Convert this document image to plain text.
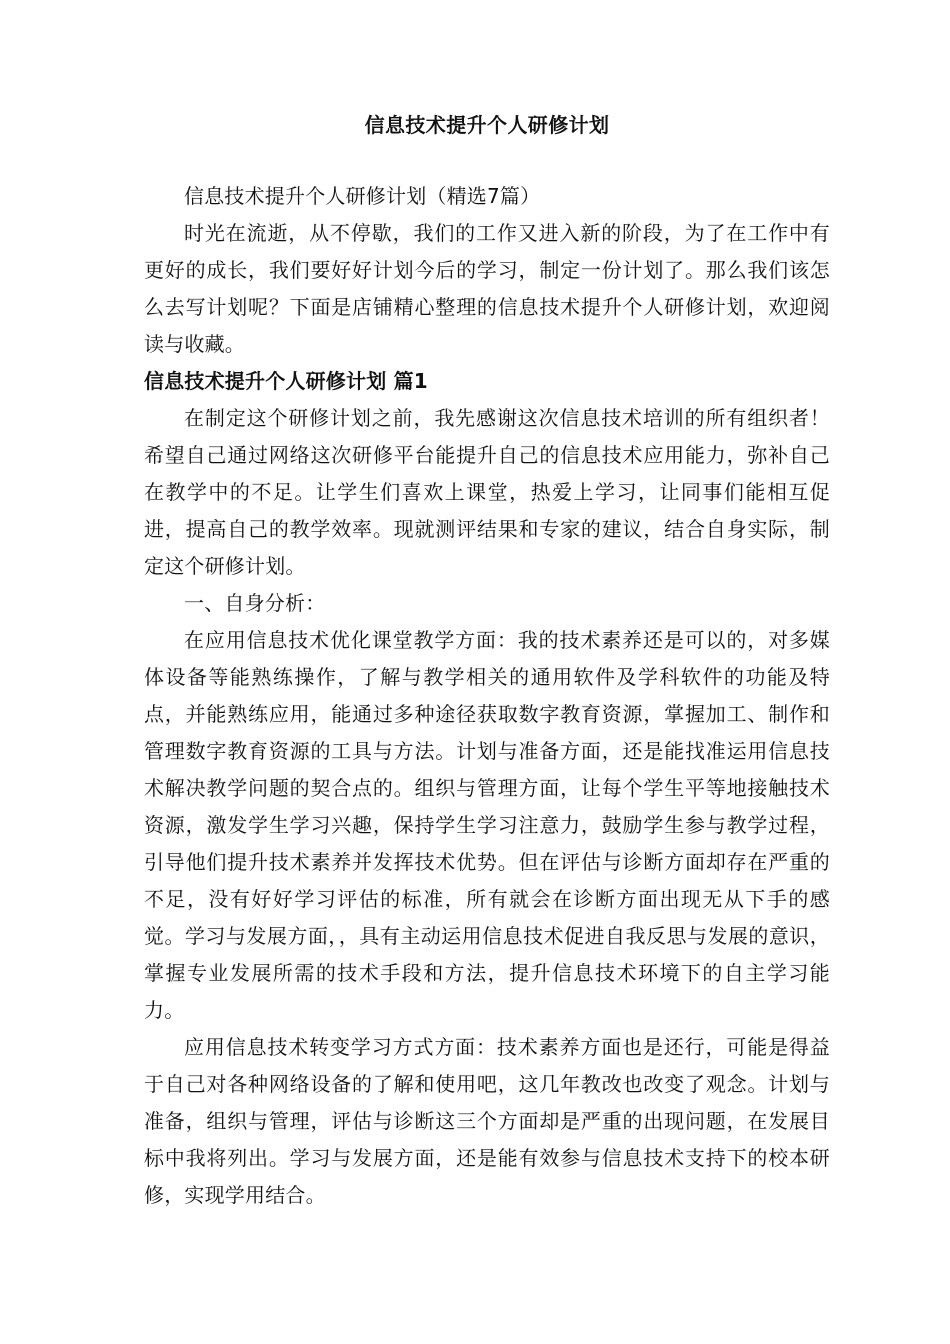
信息技术提升个人研修计划

信息技术提升个人研修计划（精选7篇）

时光在流逝，从不停歇，我们的工作又进入新的阶段，为了在工作中有更好的成长，我们要好好计划今后的学习，制定一份计划了。那么我们该怎么去写计划呢？下面是店铺精心整理的信息技术提升个人研修计划，欢迎阅读与收藏。

信息技术提升个人研修计划 篇1

在制定这个研修计划之前，我先感谢这次信息技术培训的所有组织者！希望自己通过网络这次研修平台能提升自己的信息技术应用能力，弥补自己在教学中的不足。让学生们喜欢上课堂，热爱上学习，让同事们能相互促进，提高自己的教学效率。现就测评结果和专家的建议，结合自身实际，制定这个研修计划。

一、自身分析：

在应用信息技术优化课堂教学方面：我的技术素养还是可以的，对多媒体设备等能熟练操作，了解与教学相关的通用软件及学科软件的功能及特点，并能熟练应用，能通过多种途径获取数字教育资源，掌握加工、制作和管理数字教育资源的工具与方法。计划与准备方面，还是能找准运用信息技术解决教学问题的契合点的。组织与管理方面，让每个学生平等地接触技术资源，激发学生学习兴趣，保持学生学习注意力，鼓励学生参与教学过程，引导他们提升技术素养并发挥技术优势。但在评估与诊断方面却存在严重的不足，没有好好学习评估的标准，所有就会在诊断方面出现无从下手的感觉。学习与发展方面，，具有主动运用信息技术促进自我反思与发展的意识，掌握专业发展所需的技术手段和方法，提升信息技术环境下的自主学习能力。

应用信息技术转变学习方式方面：技术素养方面也是还行，可能是得益于自己对各种网络设备的了解和使用吧，这几年教改也改变了观念。计划与准备，组织与管理，评估与诊断这三个方面却是严重的出现问题，在发展目标中我将列出。学习与发展方面，还是能有效参与信息技术支持下的校本研修，实现学用结合。
